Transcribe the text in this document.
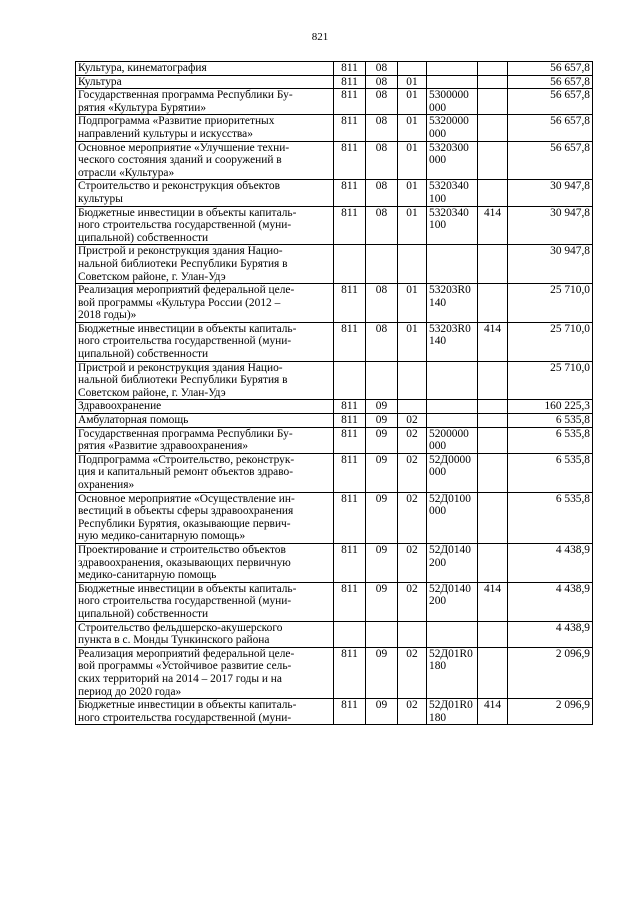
821
Культура, кинематография	811	08				56 657,8
Культура	811	08	01			56 657,8
Государственная программа Республики Бу-
рятия «Культура Бурятии»	811	08	01	5300000
000		56 657,8
Подпрограмма «Развитие приоритетных
направлений культуры и искусства»	811	08	01	5320000
000		56 657,8
Основное мероприятие «Улучшение техни-
ческого состояния зданий и сооружений в
отрасли «Культура»	811	08	01	5320300
000		56 657,8
Строительство и реконструкция объектов
культуры	811	08	01	5320340
100		30 947,8
Бюджетные инвестиции в объекты капиталь-
ного строительства государственной (муни-
ципальной) собственности	811	08	01	5320340
100	414	30 947,8
Пристрой и реконструкция здания Нацио-
нальной библиотеки Республики Бурятия в
Советском районе, г. Улан-Удэ						30 947,8
Реализация мероприятий федеральной целе-
вой программы «Культура России (2012 –
2018 годы)»	811	08	01	53203R0
140		25 710,0
Бюджетные инвестиции в объекты капиталь-
ного строительства государственной (муни-
ципальной) собственности	811	08	01	53203R0
140	414	25 710,0
Пристрой и реконструкция здания Нацио-
нальной библиотеки Республики Бурятия в
Советском районе, г. Улан-Удэ						25 710,0
Здравоохранение	811	09				160 225,3
Амбулаторная помощь	811	09	02			6 535,8
Государственная программа Республики Бу-
рятия «Развитие здравоохранения»	811	09	02	5200000
000		6 535,8
Подпрограмма «Строительство, реконструк-
ция и капитальный ремонт объектов здраво-
охранения»	811	09	02	52Д0000
000		6 535,8
Основное мероприятие «Осуществление ин-
вестиций в объекты сферы здравоохранения
Республики Бурятия, оказывающие первич-
ную медико-санитарную помощь»	811	09	02	52Д0100
000		6 535,8
Проектирование и строительство объектов
здравоохранения, оказывающих первичную
медико-санитарную помощь	811	09	02	52Д0140
200		4 438,9
Бюджетные инвестиции в объекты капиталь-
ного строительства государственной (муни-
ципальной) собственности	811	09	02	52Д0140
200	414	4 438,9
Строительство фельдшерско-акушерского
пункта в с. Монды Тункинского района						4 438,9
Реализация мероприятий федеральной целе-
вой программы «Устойчивое развитие сель-
ских территорий на 2014 – 2017 годы и на
период до 2020 года»	811	09	02	52Д01R0
180		2 096,9
Бюджетные инвестиции в объекты капиталь-
ного строительства государственной (муни-	811	09	02	52Д01R0
180	414	2 096,9
